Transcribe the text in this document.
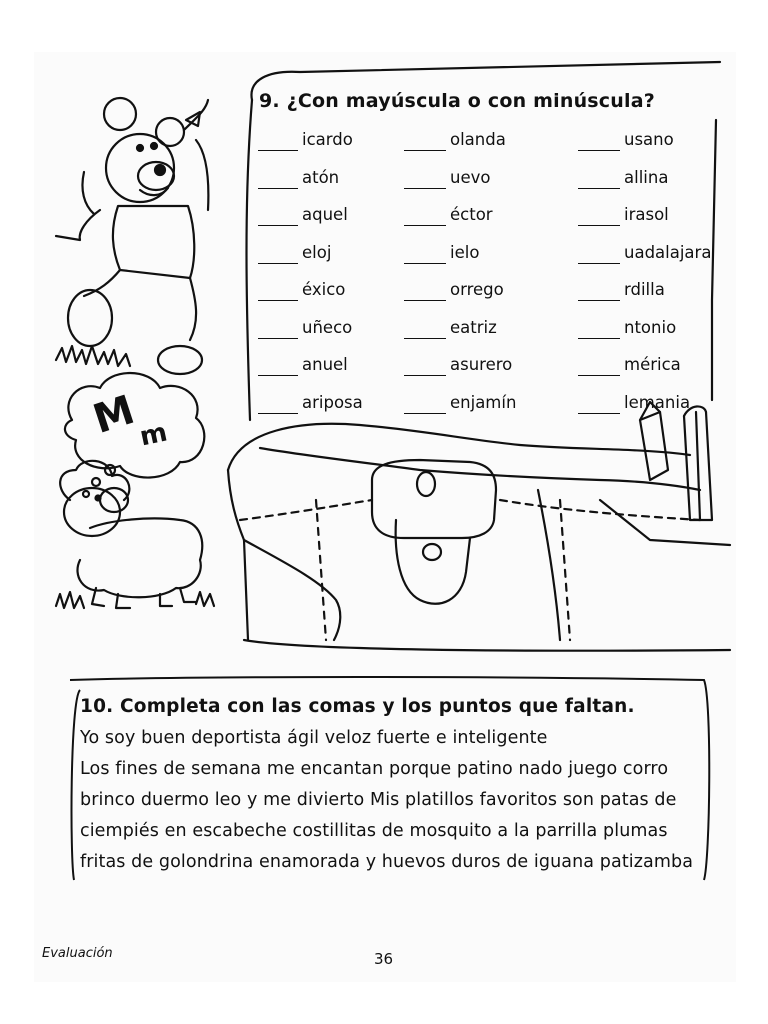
M
m
9. ¿Con mayúscula o con minúscula?
icardo
atón
aquel
eloj
éxico
uñeco
anuel
ariposa
olanda
uevo
éctor
ielo
orrego
eatriz
asurero
enjamín
usano
allina
irasol
uadalajara
rdilla
ntonio
mérica
lemania
10. Completa con las comas y los puntos que faltan.
Yo soy buen deportista ágil veloz fuerte e inteligente
Los fines de semana me encantan porque patino nado juego corro
brinco duermo leo y me divierto Mis platillos favoritos son patas de
ciempiés en escabeche costillitas de mosquito a la parrilla plumas
fritas de golondrina enamorada y huevos duros de iguana patizamba
Evaluación	36
